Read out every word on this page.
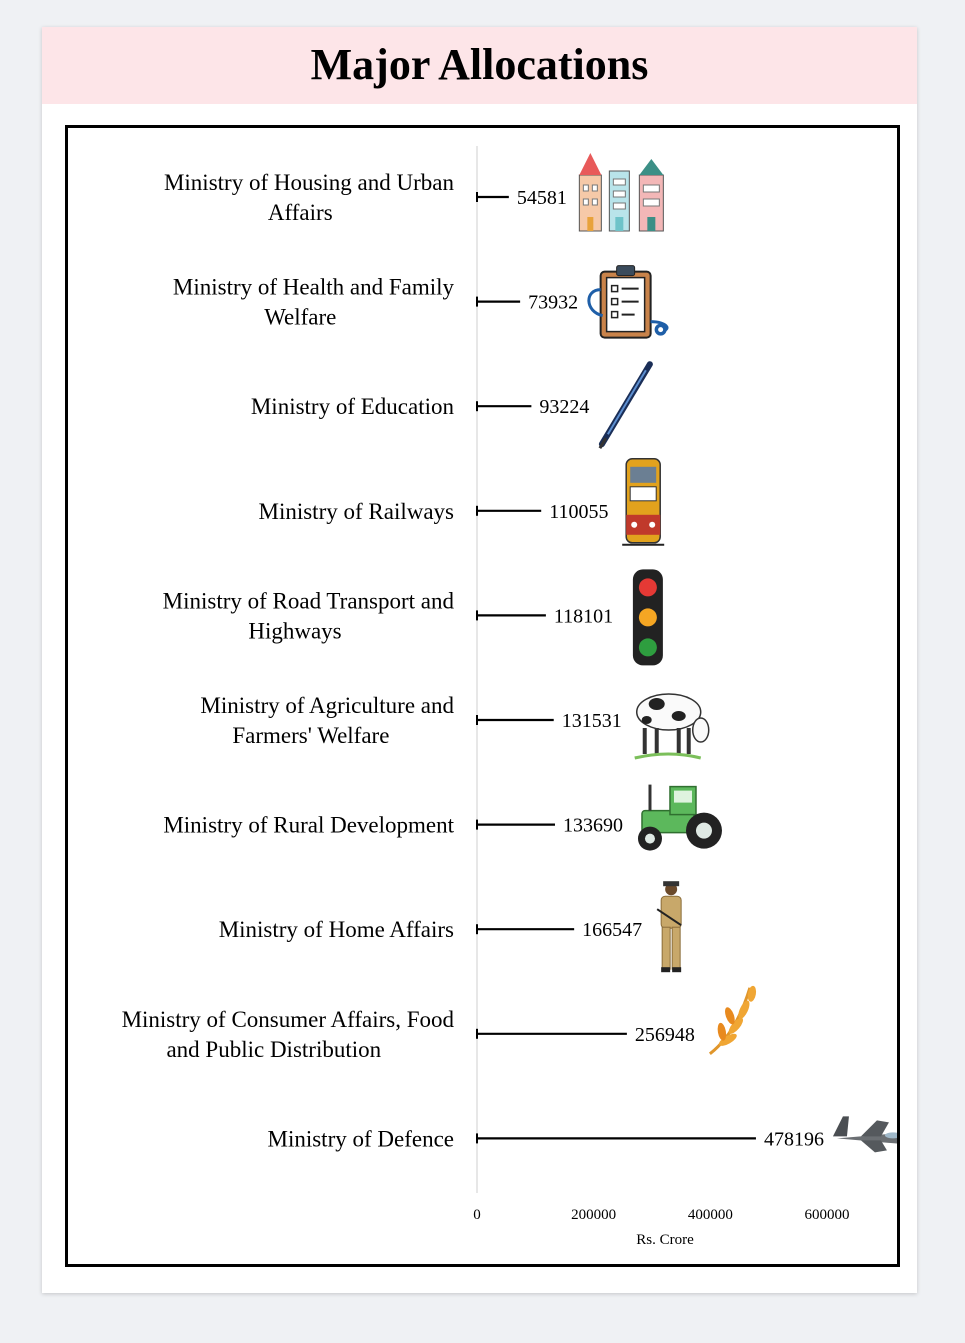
Major Allocations
Ministry of Housing and Urban Affairs
54581
Ministry of Health and Family Welfare
73932
Ministry of Education	93224
Ministry of Railways	110055
Ministry of Road Transport and Highways
118101
Ministry of Agriculture and Farmers' Welfare
131531
Ministry of Rural Development	133690
Ministry of Home Affairs	166547
Ministry of Consumer Affairs, Food and Public Distribution
256948
Ministry of Defence	478196
0	200000	400000	600000
Rs. Crore
